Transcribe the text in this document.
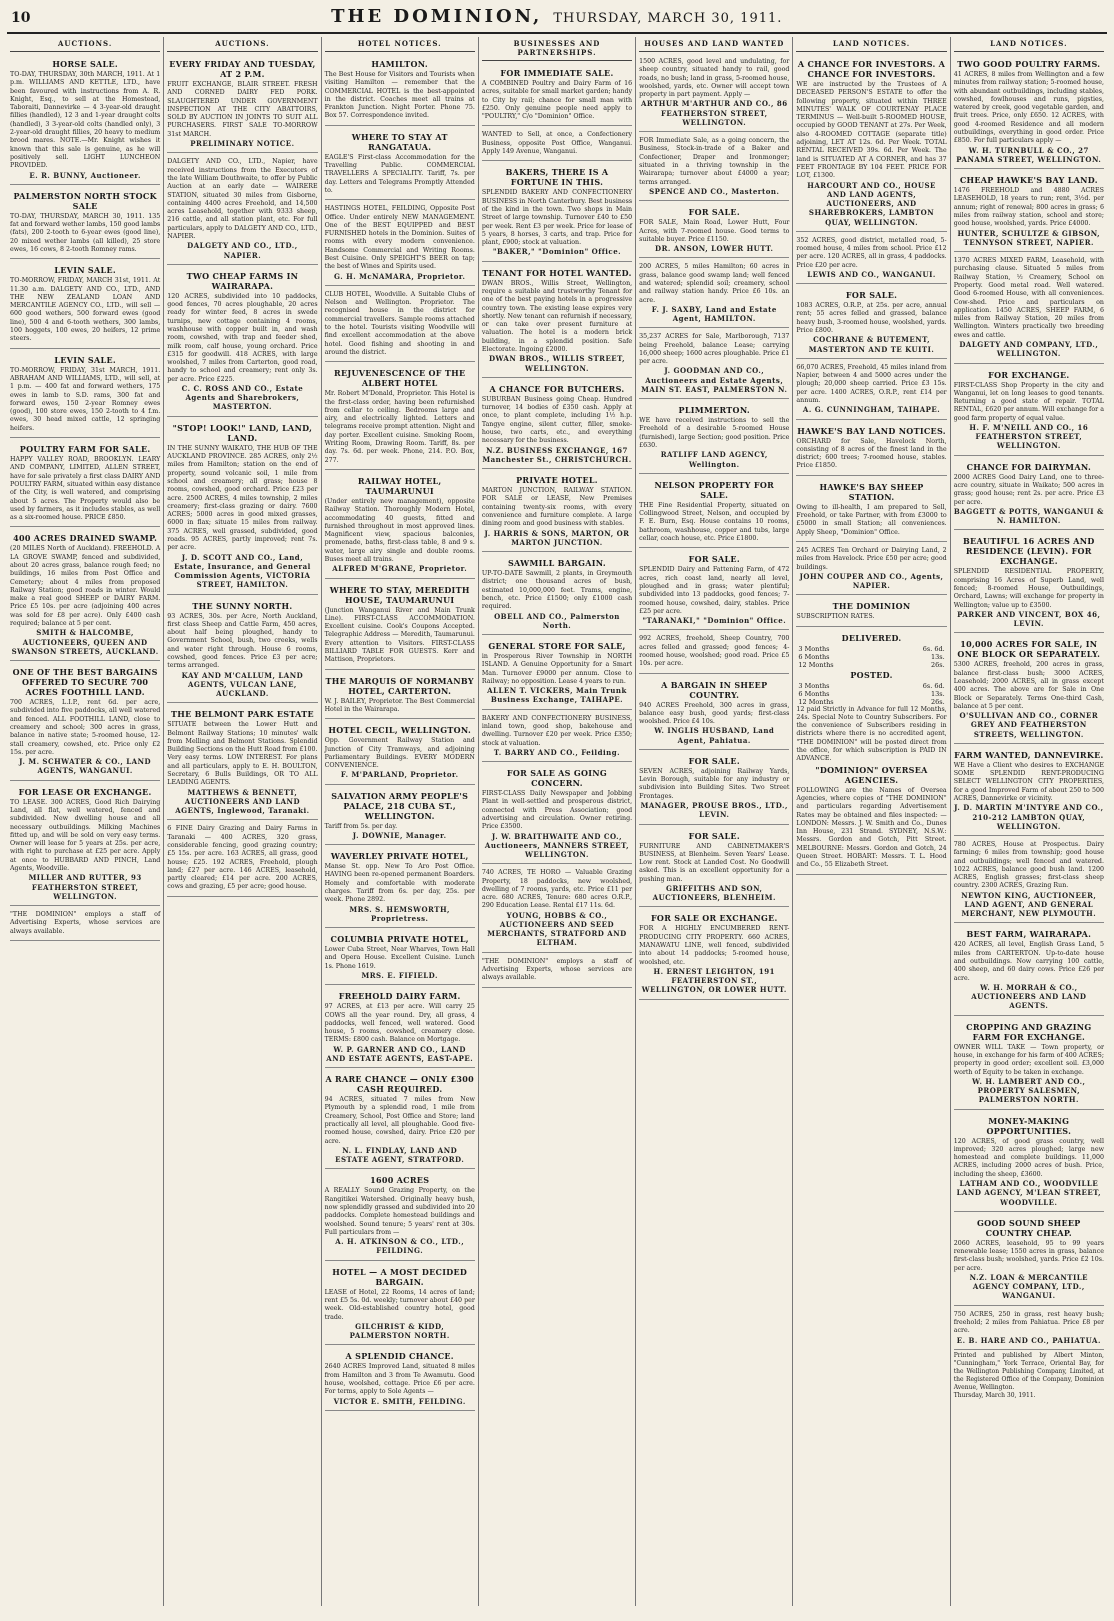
10	THE DOMINION, THURSDAY, MARCH 30, 1911.
AUCTIONS.
HORSE SALE.

TO-DAY, THURSDAY, 30th MARCH, 1911. At 1 p.m. WILLIAMS AND KETTLE, LTD., have been favoured with instructions from A. R. Knight, Esq., to sell at the Homestead, Taboraiti, Dannevirke — 4 3-year-old draught fillies (handled), 12 3 and 1-year draught colts (handled), 3 3-year-old colts (handled only), 3 2-year-old draught fillies, 20 heavy to medium brood mares. NOTE.—Mr. Knight wishes it known that this sale is genuine, as he will positively sell. LIGHT LUNCHEON PROVIDED.

E. R. BUNNY, Auctioneer.

PALMERSTON NORTH STOCK SALE

TO-DAY, THURSDAY, MARCH 30, 1911. 135 fat and forward wether lambs, 150 good lambs (fats), 200 2-tooth to 6-year ewes (good line), 20 mixed wether lambs (all killed), 25 store ewes, 16 cows, 8 2-tooth Romney rams.

LEVIN SALE.

TO-MORROW, FRIDAY, MARCH 31st, 1911. At 11.30 a.m. DALGETY AND CO., LTD., AND THE NEW ZEALAND LOAN AND MERCANTILE AGENCY CO., LTD., will sell — 600 good wethers, 500 forward ewes (good line), 500 4 and 6-tooth wethers, 300 lambs, 100 hoggets, 100 ewes, 20 heifers, 12 prime steers.

LEVIN SALE.

TO-MORROW, FRIDAY, 31st MARCH, 1911. ABRAHAM AND WILLIAMS, LTD., will sell, at 1 p.m. — 400 fat and forward wethers, 175 ewes in lamb to S.D. rams, 300 fat and forward ewes, 150 2-year Romney ewes (good), 100 store ewes, 150 2-tooth to 4 f.m. ewes, 30 head mixed cattle, 12 springing heifers.

POULTRY FARM FOR SALE.

HAPPY VALLEY ROAD, BROOKLYN. LEARY AND COMPANY, LIMITED, ALLEN STREET, have for sale privately a first class DAIRY AND POULTRY FARM, situated within easy distance of the City, is well watered, and comprising about 5 acres. The Property would also be used by farmers, as it includes stables, as well as a six-roomed house. PRICE £850.

400 ACRES DRAINED SWAMP.

(20 MILES North of Auckland). FREEHOLD. A LA GROVE SWAMP, fenced and subdivided, about 20 acres grass, balance rough feed; no buildings, 16 miles from Post Office and Cemetery; about 4 miles from proposed Railway Station; good roads in winter. Would make a real good SHEEP or DAIRY FARM. Price £5 10s. per acre (adjoining 400 acres was sold for £8 per acre). Only £400 cash required; balance at 5 per cent.

SMITH & HALCOMBE, AUCTIONEERS, QUEEN AND SWANSON STREETS, AUCKLAND.

ONE OF THE BEST BARGAINS OFFERED TO SECURE 700 ACRES FOOTHILL LAND.

700 ACRES, L.I.P., rent 6d. per acre, subdivided into five paddocks, all well watered and fenced. ALL FOOTHILL LAND, close to creamery and school; 300 acres in grass, balance in native state; 5-roomed house, 12-stall creamery, cowshed, etc. Price only £2 15s. per acre.

J. M. SCHWATER & CO., LAND AGENTS, WANGANUI.

FOR LEASE OR EXCHANGE.

TO LEASE. 300 ACRES, Good Rich Dairying Land, all flat, well watered, fenced and subdivided. New dwelling house and all necessary outbuildings. Milking Machines fitted up, and will be sold on very easy terms. Owner will lease for 5 years at 25s. per acre, with right to purchase at £25 per acre. Apply at once to HUBBARD AND PINCH, Land Agents, Woodville.

MILLER AND RUTTER, 93 FEATHERSTON STREET, WELLINGTON.

"THE DOMINION" employs a staff of Advertising Experts, whose services are always available.

AUCTIONS.
EVERY FRIDAY AND TUESDAY, AT 2 P.M.

FRUIT EXCHANGE, BLAIR STREET. FRESH AND CORNED DAIRY FED PORK. SLAUGHTERED UNDER GOVERNMENT INSPECTION AT THE CITY ABATTOIRS, SOLD BY AUCTION IN JOINTS TO SUIT ALL PURCHASERS. FIRST SALE TO-MORROW 31st MARCH.

PRELIMINARY NOTICE.

DALGETY AND CO., LTD., Napier, have received instructions from the Executors of the late William Douthwaite, to offer by Public Auction at an early date — WAIRERE STATION, situated 30 miles from Gisborne, containing 4400 acres Freehold, and 14,500 acres Leasehold, together with 9333 sheep, 216 cattle, and all station plant, etc. For full particulars, apply to DALGETY AND CO., LTD., NAPIER.

DALGETY AND CO., LTD., NAPIER.

TWO CHEAP FARMS IN WAIRARAPA.

120 ACRES, subdivided into 10 paddocks, good fences, 70 acres ploughable, 20 acres ready for winter feed, 8 acres in swede turnips, new cottage containing 4 rooms, washhouse with copper built in, and wash room, cowshed, with trap and feeder shed, milk room, calf house, young orchard. Price £315 for goodwill. 418 ACRES, with large woolshed, 7 miles from Carterton, good road, handy to school and creamery; rent only 3s. per acre. Price £225.

C. C. ROSS AND CO., Estate Agents and Sharebrokers, MASTERTON.

"STOP! LOOK!" LAND, LAND, LAND.

IN THE SUNNY WAIKATO, THE HUB OF THE AUCKLAND PROVINCE. 285 ACRES, only 2½ miles from Hamilton; station on the end of property, sound volcanic soil, 1 mile from school and creamery; all grass; house 8 rooms, cowshed, good orchard. Price £23 per acre. 2500 ACRES, 4 miles township, 2 miles creamery; first-class grazing or dairy. 7600 ACRES; 5000 acres in good mixed grasses, 6000 in flax; situate 15 miles from railway. 375 ACRES, well grassed, subdivided, good roads. 95 ACRES, partly improved; rent 7s. per acre.

J. D. SCOTT AND CO., Land, Estate, Insurance, and General Commission Agents, VICTORIA STREET, HAMILTON.

THE SUNNY NORTH.

93 ACRES, 30s. per Acre, North Auckland, first class Sheep and Cattle Farm, 450 acres, about half being ploughed, handy to Government School, bush, two creeks, wells and water right through. House 6 rooms, cowshed, good fences. Price £3 per acre; terms arranged.

KAY AND M'CALLUM, LAND AGENTS, VULCAN LANE, AUCKLAND.

THE BELMONT PARK ESTATE

SITUATE between the Lower Hutt and Belmont Railway Stations; 10 minutes' walk from Melling and Belmont Stations. Splendid Building Sections on the Hutt Road from £100. Very easy terms. LOW INTEREST. For plans and all particulars, apply to E. H. BOULTON, Secretary, 6 Bulls Buildings, OR TO ALL LEADING AGENTS.

MATTHEWS & BENNETT, AUCTIONEERS AND LAND AGENTS, Inglewood, Taranaki.

6 FINE Dairy Grazing and Dairy Farms in Taranaki — 400 ACRES, 320 grass, considerable fencing, good grazing country; £5 15s. per acre. 163 ACRES, all grass, good house; £25. 192 ACRES, Freehold, plough land; £27 per acre. 146 ACRES, leasehold, partly cleared; £14 per acre. 200 ACRES, cows and grazing, £5 per acre; good house.

HOTEL NOTICES.
HAMILTON.

The Best House for Visitors and Tourists when visiting Hamilton — remember that the COMMERCIAL HOTEL is the best-appointed in the district. Coaches meet all trains at Frankton Junction. Night Porter. Phone 75. Box 57. Correspondence invited.

WHERE TO STAY AT RANGATAUA.

EAGLE'S First-class Accommodation for the Travelling Public. COMMERCIAL TRAVELLERS A SPECIALITY. Tariff, 7s. per day. Letters and Telegrams Promptly Attended to.

HASTINGS HOTEL, FEILDING, Opposite Post Office. Under entirely NEW MANAGEMENT. One of the BEST EQUIPPED and BEST FURNISHED hotels in the Dominion. Suites of rooms with every modern convenience. Handsome Commercial and Writing Rooms. Best Cuisine. Only SPEIGHT'S BEER on tap; the best of Wines and Spirits used.

G. H. McNAMARA, Proprietor.

CLUB HOTEL, Woodville. A Suitable Clubs of Nelson and Wellington. Proprietor. The recognised house in the district for commercial travellers. Sample rooms attached to the hotel. Tourists visiting Woodville will find excellent accommodation at the above hotel. Good fishing and shooting in and around the district.

REJUVENESCENCE OF THE ALBERT HOTEL

Mr. Robert M'Donald, Proprietor. This Hotel is the first-class order, having been refurnished from cellar to ceiling. Bedrooms large and airy, and electrically lighted. Letters and telegrams receive prompt attention. Night and day porter. Excellent cuisine. Smoking Room, Writing Room, Drawing Room. Tariff, 8s. per day. 7s. 6d. per week. Phone, 214. P.O. Box, 277.

RAILWAY HOTEL, TAUMARUNUI

(Under entirely new management), opposite Railway Station. Thoroughly Modern Hotel, accommodating 40 guests, fitted and furnished throughout in most approved lines. Magnificent view, spacious balconies, promenade, baths, first-class table, 8 and 9 s. water, large airy single and double rooms. Buses meet all trains.

ALFRED M'GRANE, Proprietor.

WHERE TO STAY, MEREDITH HOUSE, TAUMARUNUI

(Junction Wanganui River and Main Trunk Line). FIRST-CLASS ACCOMMODATION. Excellent cuisine. Cook's Coupons Accepted. Telegraphic Address — Meredith, Taumarunui. Every attention to Visitors. FIRST-CLASS BILLIARD TABLE FOR GUESTS. Kerr and Mattison, Proprietors.

THE MARQUIS OF NORMANBY HOTEL, CARTERTON.

W. J. BAILEY, Proprietor. The Best Commercial Hotel in the Wairarapa.

HOTEL CECIL, WELLINGTON.

Opp. Government Railway Station and Junction of City Tramways, and adjoining Parliamentary Buildings. EVERY MODERN CONVENIENCE.

F. M'PARLAND, Proprietor.

SALVATION ARMY PEOPLE'S PALACE, 218 CUBA ST., WELLINGTON.

Tariff from 5s. per day.

J. DOWNIE, Manager.

WAVERLEY PRIVATE HOTEL,

Manse St. opp. New To Aro Post Office. HAVING been re-opened permanent Boarders. Homely and comfortable with moderate charges. Tariff from 6s. per day, 25s. per week. Phone 2892.

MRS. S. HEMSWORTH, Proprietress.

COLUMBIA PRIVATE HOTEL,

Lower Cuba Street, Near Wharves, Town Hall and Opera House. Excellent Cuisine. Lunch 1s. Phone 1619.

MRS. E. FIFIELD.

FREEHOLD DAIRY FARM.

97 ACRES, at £13 per acre. Will carry 25 COWS all the year round. Dry, all grass, 4 paddocks, well fenced, well watered. Good house, 5 rooms, cowshed, creamery close. TERMS: £800 cash. Balance on Mortgage.

W. P. GARNER AND CO., LAND AND ESTATE AGENTS, EAST-APE.

A RARE CHANCE — ONLY £300 CASH REQUIRED.

94 ACRES, situated 7 miles from New Plymouth by a splendid road, 1 mile from Creamery, School, Post Office and Store; land practically all level, all ploughable. Good five-roomed house, cowshed, dairy. Price £20 per acre.

N. L. FINDLAY, LAND AND ESTATE AGENT, STRATFORD.

1600 ACRES

A REALLY Sound Grazing Property, on the Rangitikei Watershed. Originally heavy bush, now splendidly grassed and subdivided into 20 paddocks. Complete homestead buildings and woolshed. Sound tenure; 5 years' rent at 30s. Full particulars from —

A. H. ATKINSON & CO., LTD., FEILDING.

HOTEL — A MOST DECIDED BARGAIN.

LEASE of Hotel, 22 Rooms, 14 acres of land; rent £5 5s. 0d. weekly; turnover about £40 per week. Old-established country hotel, good trade.

GILCHRIST & KIDD, PALMERSTON NORTH.

A SPLENDID CHANCE.

2640 ACRES Improved Land, situated 8 miles from Hamilton and 3 from Te Awamutu. Good house, woolshed, cottage. Price £6 per acre. For terms, apply to Sole Agents —

VICTOR E. SMITH, FEILDING.

BUSINESSES AND PARTNERSHIPS.
FOR IMMEDIATE SALE.

A COMBINED Poultry and Dairy Farm of 16 acres, suitable for small market garden; handy to City by rail; chance for small man with £250. Only genuine people need apply to "POULTRY," C/o "Dominion" Office.

WANTED to Sell, at once, a Confectionery Business, opposite Post Office, Wanganui. Apply 149 Avenue, Wanganui.

BAKERS, THERE IS A FORTUNE IN THIS.

SPLENDID BAKERY AND CONFECTIONERY BUSINESS in North Canterbury. Best business of the kind in the town. Two shops in Main Street of large township. Turnover £40 to £50 per week. Rent £3 per week. Price for lease of 5 years, 8 horses, 3 carts, and trap. Price for plant, £900; stock at valuation.

"BAKER," "Dominion" Office.

TENANT FOR HOTEL WANTED.

DWAN BROS., Willis Street, Wellington, require a suitable and trustworthy Tenant for one of the best paying hotels in a progressive country town. The existing lease expires very shortly. New tenant can refurnish if necessary, or can take over present furniture at valuation. The hotel is a modern brick building, in a splendid position. Safe Electorate. Ingoing £2000.

DWAN BROS., WILLIS STREET, WELLINGTON.

A CHANCE FOR BUTCHERS.

SUBURBAN Business going Cheap. Hundred turnover, 14 bodies of £350 cash. Apply at once, to plant complete, including 1½ h.p. Tangye engine, silent cutter, filler, smoke-house, two carts, etc., and everything necessary for the business.

N.Z. BUSINESS EXCHANGE, 167 Manchester St., CHRISTCHURCH.

PRIVATE HOTEL.

MARTON JUNCTION, RAILWAY STATION. FOR SALE or LEASE, New Premises containing twenty-six rooms, with every convenience and furniture complete. A large dining room and good business with stables.

J. HARRIS & SONS, MARTON, OR MARTON JUNCTION.

SAWMILL BARGAIN.

UP-TO-DATE Sawmill, 2 plants, in Greymouth district; one thousand acres of bush, estimated 10,000,000 feet. Trams, engine, bench, etc. Price £1500; only £1000 cash required.

OBELL AND CO., Palmerston North.

GENERAL STORE FOR SALE,

in Prosperous River Township in NORTH ISLAND. A Genuine Opportunity for a Smart Man. Turnover £9000 per annum. Close to Railway; no opposition. Lease 4 years to run.

ALLEN T. VICKERS, Main Trunk Business Exchange, TAIHAPE.

BAKERY AND CONFECTIONERY BUSINESS, inland town, good shop, bakehouse and dwelling. Turnover £20 per week. Price £350; stock at valuation.

T. BARRY AND CO., Feilding.

FOR SALE AS GOING CONCERN.

FIRST-CLASS Daily Newspaper and Jobbing Plant in well-settled and prosperous district, connected with Press Association; good advertising and circulation. Owner retiring. Price £3500.

J. W. BRAITHWAITE AND CO., Auctioneers, MANNERS STREET, WELLINGTON.

740 ACRES, TE HORO — Valuable Grazing Property, 18 paddocks, new woolshed, dwelling of 7 rooms, yards, etc. Price £11 per acre. 680 ACRES, Tenure: 680 acres O.R.P., 290 Education Lease. Rental £17 11s. 6d.

YOUNG, HOBBS & CO., AUCTIONEERS AND SEED MERCHANTS, STRATFORD AND ELTHAM.

"THE DOMINION" employs a staff of Advertising Experts, whose services are always available.

HOUSES AND LAND WANTED

1500 ACRES, good level and undulating, for sheep country, situated handy to rail, good roads, no bush; land in grass, 5-roomed house, woolshed, yards, etc. Owner will accept town property in part payment. Apply —

ARTHUR M'ARTHUR AND CO., 86 FEATHERSTON STREET, WELLINGTON.

FOR Immediate Sale, as a going concern, the Business, Stock-in-trade of a Baker and Confectioner, Draper and Ironmonger; situated in a thriving township in the Wairarapa; turnover about £4000 a year; terms arranged.

SPENCE AND CO., Masterton.

FOR SALE.

FOR SALE, Main Road, Lower Hutt, Four Acres, with 7-roomed house. Good terms to suitable buyer. Price £1150.

DR. ANSON, LOWER HUTT.

200 ACRES, 5 miles Hamilton; 60 acres in grass, balance good swamp land; well fenced and watered; splendid soil; creamery, school and railway station handy. Price £6 10s. an acre.

F. J. SAXBY, Land and Estate Agent, HAMILTON.

35,237 ACRES for Sale, Marlborough, 7137 being Freehold, balance Lease; carrying 16,000 sheep; 1600 acres ploughable. Price £1 per acre.

J. GOODMAN AND CO., Auctioneers and Estate Agents, MAIN ST. EAST, PALMERSTON N.

PLIMMERTON.

WE have received instructions to sell the Freehold of a desirable 5-roomed House (furnished), large Section; good position. Price £630.

RATLIFF LAND AGENCY, Wellington.

NELSON PROPERTY FOR SALE.

THE Fine Residential Property, situated on Collingwood Street, Nelson, and occupied by F. E. Burn, Esq. House contains 10 rooms, bathroom, washhouse, copper and tubs, large cellar, coach house, etc. Price £1800.

FOR SALE.

SPLENDID Dairy and Fattening Farm, of 472 acres, rich coast land, nearly all level, ploughed and in grass; water plentiful; subdivided into 13 paddocks, good fences; 7-roomed house, cowshed, dairy, stables. Price £25 per acre.

"TARANAKI," "Dominion" Office.

992 ACRES, freehold, Sheep Country, 700 acres felled and grassed; good fences; 4-roomed house, woolshed; good road. Price £5 10s. per acre.

A BARGAIN IN SHEEP COUNTRY.

940 ACRES Freehold, 300 acres in grass, balance easy bush, good yards; first-class woolshed. Price £4 10s.

W. INGLIS HUSBAND, Land Agent, Pahiatua.

FOR SALE.

SEVEN ACRES, adjoining Railway Yards, Levin Borough, suitable for any industry or subdivision into Building Sites. Two Street Frontages.

MANAGER, PROUSE BROS., LTD., LEVIN.

FOR SALE.

FURNITURE AND CABINETMAKER'S BUSINESS, at Blenheim. Seven Years' Lease. Low rent. Stock at Landed Cost. No Goodwill asked. This is an excellent opportunity for a pushing man.

GRIFFITHS AND SON, AUCTIONEERS, BLENHEIM.

FOR SALE OR EXCHANGE.

FOR A HIGHLY ENCUMBERED RENT-PRODUCING CITY PROPERTY. 660 ACRES, MANAWATU LINE, well fenced, subdivided into about 14 paddocks; 5-roomed house, woolshed, etc.

H. ERNEST LEIGHTON, 191 FEATHERSTON ST., WELLINGTON, OR LOWER HUTT.

LAND NOTICES.
A CHANCE FOR INVESTORS. A CHANCE FOR INVESTORS.

WE are instructed by the Trustees of A DECEASED PERSON'S ESTATE to offer the following property, situated within THREE MINUTES' WALK OF COURTENAY PLACE TERMINUS — Well-built 5-ROOMED HOUSE, occupied by GOOD TENANT at 27s. Per Week, also 4-ROOMED COTTAGE (separate title) adjoining, LET AT 12s. 6d. Per Week. TOTAL RENTAL RECEIVED 39s. 6d. Per Week. The land is SITUATED AT A CORNER, and has 37 FEET FRONTAGE BY 104 FEET. PRICE FOR LOT, £1300.

HARCOURT AND CO., HOUSE AND LAND AGENTS, AUCTIONEERS, AND SHAREBROKERS, LAMBTON QUAY, WELLINGTON.

352 ACRES, good district, metalled road, 5-roomed house, 4 miles from school. Price £12 per acre. 120 ACRES, all in grass, 4 paddocks. Price £20 per acre.

LEWIS AND CO., WANGANUI.

FOR SALE.

1083 ACRES, O.R.P., at 25s. per acre, annual rent; 55 acres felled and grassed, balance heavy bush, 3-roomed house, woolshed, yards. Price £800.

COCHRANE & BUTEMENT, MASTERTON AND TE KUITI.

66,070 ACRES, Freehold, 45 miles inland from Napier, between 4 and 5000 acres under the plough; 20,000 sheep carried. Price £3 15s. per acre. 1400 ACRES, O.R.P., rent £14 per annum.

A. G. CUNNINGHAM, TAIHAPE.

HAWKE'S BAY LAND NOTICES.

ORCHARD for Sale, Havelock North, consisting of 8 acres of the finest land in the district; 600 trees; 7-roomed house, stables. Price £1850.

HAWKE'S BAY SHEEP STATION.

Owing to ill-health, I am prepared to Sell, Freehold, or take Partner, with from £3000 to £5000 in small Station; all conveniences. Apply Sheep, "Dominion" Office.

245 ACRES Ten Orchard or Dairying Land, 2 miles from Havelock. Price £50 per acre; good buildings.

JOHN COUPER AND CO., Agents, NAPIER.

THE DOMINION

SUBSCRIPTION RATES.

DELIVERED.
3 Months	6s. 6d.
6 Months	13s.
12 Months	26s.
POSTED.
3 Months	6s. 6d.
6 Months	13s.
12 Months	26s.

12 paid Strictly in Advance for full 12 Months, 24s. Special Note to Country Subscribers. For the convenience of Subscribers residing in districts where there is no accredited agent, "THE DOMINION" will be posted direct from the office, for which subscription is PAID IN ADVANCE.

"DOMINION" OVERSEA AGENCIES.

FOLLOWING are the Names of Oversea Agencies, where copies of "THE DOMINION" and particulars regarding Advertisement Rates may be obtained and files inspected: — LONDON: Messrs. J. W. Smith and Co., Dunes Inn House, 231 Strand. SYDNEY, N.S.W.: Messrs. Gordon and Gotch, Pitt Street. MELBOURNE: Messrs. Gordon and Gotch, 24 Queen Street. HOBART: Messrs. T. L. Hood and Co., 55 Elizabeth Street.

LAND NOTICES.
TWO GOOD POULTRY FARMS.

41 ACRES, 8 miles from Wellington and a few minutes from railway station; 5-roomed house, with abundant outbuildings, including stables, cowshed, fowlhouses and runs, pigsties, watered by creek, good vegetable garden, and fruit trees. Price, only £650. 12 ACRES, with good 4-roomed Residence and all modern outbuildings, everything in good order. Price £850. For full particulars apply —

W. H. TURNBULL & CO., 27 PANAMA STREET, WELLINGTON.

CHEAP HAWKE'S BAY LAND.

1476 FREEHOLD and 4880 ACRES LEASEHOLD, 18 years to run; rent, 3½d. per annum; right of renewal; 800 acres in grass; 6 miles from railway station, school and store; good house, woolshed, yards. Price £4000.

HUNTER, SCHULTZE & GIBSON, TENNYSON STREET, NAPIER.

1370 ACRES MIXED FARM, Leasehold, with purchasing clause. Situated 5 miles from Railway Station, ½ Creamery, School on Property. Good metal road. Well watered. Good 6-roomed House, with all conveniences. Cow-shed. Price and particulars on application. 1450 ACRES, SHEEP FARM, 6 miles from Railway Station, 20 miles from Wellington. Winters practically two breeding ewes and cattle.

DALGETY AND COMPANY, LTD., WELLINGTON.

FOR EXCHANGE.

FIRST-CLASS Shop Property in the city and Wanganui, let on long leases to good tenants. Returning a good state of repair. TOTAL RENTAL, £620 per annum. Will exchange for a good farm property of equal value.

H. F. M'NEILL AND CO., 16 FEATHERSTON STREET, WELLINGTON.

CHANCE FOR DAIRYMAN.

2000 ACRES Good Dairy Land, one to three-acre country, situate in Waikato; 500 acres in grass; good house; rent 2s. per acre. Price £3 per acre.

BAGGETT & POTTS, WANGANUI & N. HAMILTON.

BEAUTIFUL 16 ACRES AND RESIDENCE (LEVIN). FOR EXCHANGE.

SPLENDID RESIDENTIAL PROPERTY, comprising 16 Acres of Superb Land, well fenced; 8-roomed House, Outbuildings, Orchard, Lawns; will exchange for property in Wellington; value up to £3500.

PARKER AND VINCENT, BOX 46, LEVIN.

10,000 ACRES FOR SALE, IN ONE BLOCK OR SEPARATELY.

5300 ACRES, freehold, 200 acres in grass, balance first-class bush; 3000 ACRES, Leasehold; 2000 ACRES, all in grass except 400 acres. The above are for Sale in One Block or Separately. Terms One-third Cash, balance at 5 per cent.

O'SULLIVAN AND CO., CORNER GREY AND FEATHERSTON STREETS, WELLINGTON.

FARM WANTED, DANNEVIRKE.

WE Have a Client who desires to EXCHANGE SOME SPLENDID RENT-PRODUCING SELECT WELLINGTON CITY PROPERTIES, for a good Improved Farm of about 250 to 500 ACRES, Dannevirke or vicinity.

J. D. MARTIN M'INTYRE AND CO., 210-212 LAMBTON QUAY, WELLINGTON.

780 ACRES, House at Prospectus. Dairy farming; 6 miles from township; good house and outbuildings; well fenced and watered. 1022 ACRES, balance good bush land. 1200 ACRES, English grasses; first-class sheep country. 2300 ACRES, Grazing Run.

NEWTON KING, AUCTIONEER, LAND AGENT, AND GENERAL MERCHANT, NEW PLYMOUTH.

BEST FARM, WAIRARAPA.

420 ACRES, all level, English Grass Land, 5 miles from CARTERTON. Up-to-date house and outbuildings. Now carrying 100 cattle, 400 sheep, and 60 dairy cows. Price £26 per acre.

W. H. MORRAH & CO., AUCTIONEERS AND LAND AGENTS.

CROPPING AND GRAZING FARM FOR EXCHANGE.

OWNER WILL TAKE — Town property, or house, in exchange for his farm of 400 ACRES; property in good order; excellent soil. £3,000 worth of Equity to be taken in exchange.

W. H. LAMBERT AND CO., PROPERTY SALESMEN, PALMERSTON NORTH.

MONEY-MAKING OPPORTUNITIES.

120 ACRES, of good grass country, well improved; 320 acres ploughed; large new homestead and complete buildings. 11,000 ACRES, including 2000 acres of bush. Price, including the sheep, £3600.

LATHAM AND CO., WOODVILLE LAND AGENCY, M'LEAN STREET, WOODVILLE.

GOOD SOUND SHEEP COUNTRY CHEAP.

2060 ACRES, leasehold, 95 to 99 years renewable lease; 1550 acres in grass, balance first-class bush; woolshed, yards. Price £2 10s. per acre.

N.Z. LOAN & MERCANTILE AGENCY COMPANY, LTD., WANGANUI.

750 ACRES, 250 in grass, rest heavy bush; freehold; 2 miles from Pahiatua. Price £8 per acre.

E. B. HARE AND CO., PAHIATUA.

Printed and published by Albert Minton, "Cunningham," York Terrace, Oriental Bay, for the Wellington Publishing Company, Limited, at the Registered Office of the Company, Dominion Avenue, Wellington.

Thursday, March 30, 1911.
